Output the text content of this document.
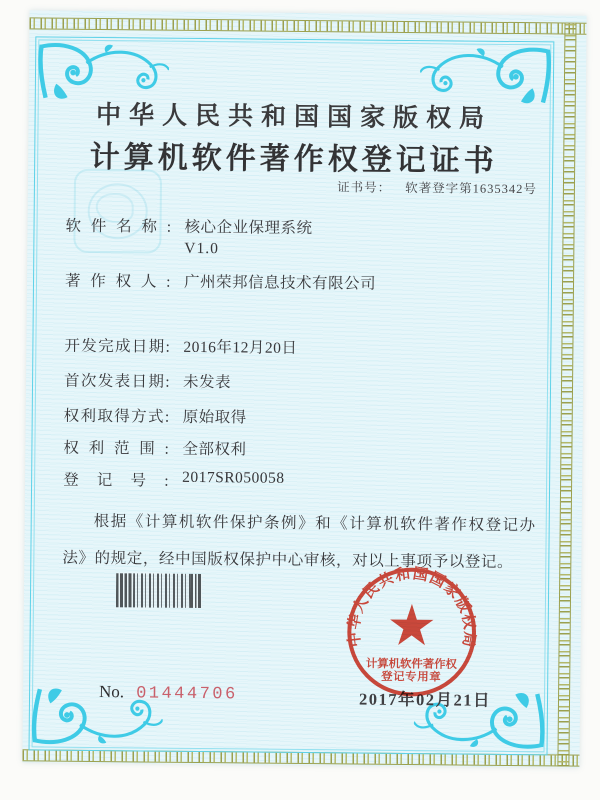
中华人民共和国国家版权局
计算机软件著作权登记证书
证书号： 软著登字第1635342号
软件名称: 核心企业保理系统
V1.0
著作权人: 广州荣邦信息技术有限公司
开发完成日期: 2016年12月20日
首次发表日期: 未发表
权利取得方式: 原始取得
权利范围: 全部权利
登记号: 2017SR050058

根据《计算机软件保护条例》和《计算机软件著作权登记办法》的规定，经中国版权保护中心审核，对以上事项予以登记。

No. 01444706	2017年02月21日
中华人民共和国国家版权局
计算机软件著作权
登记专用章
